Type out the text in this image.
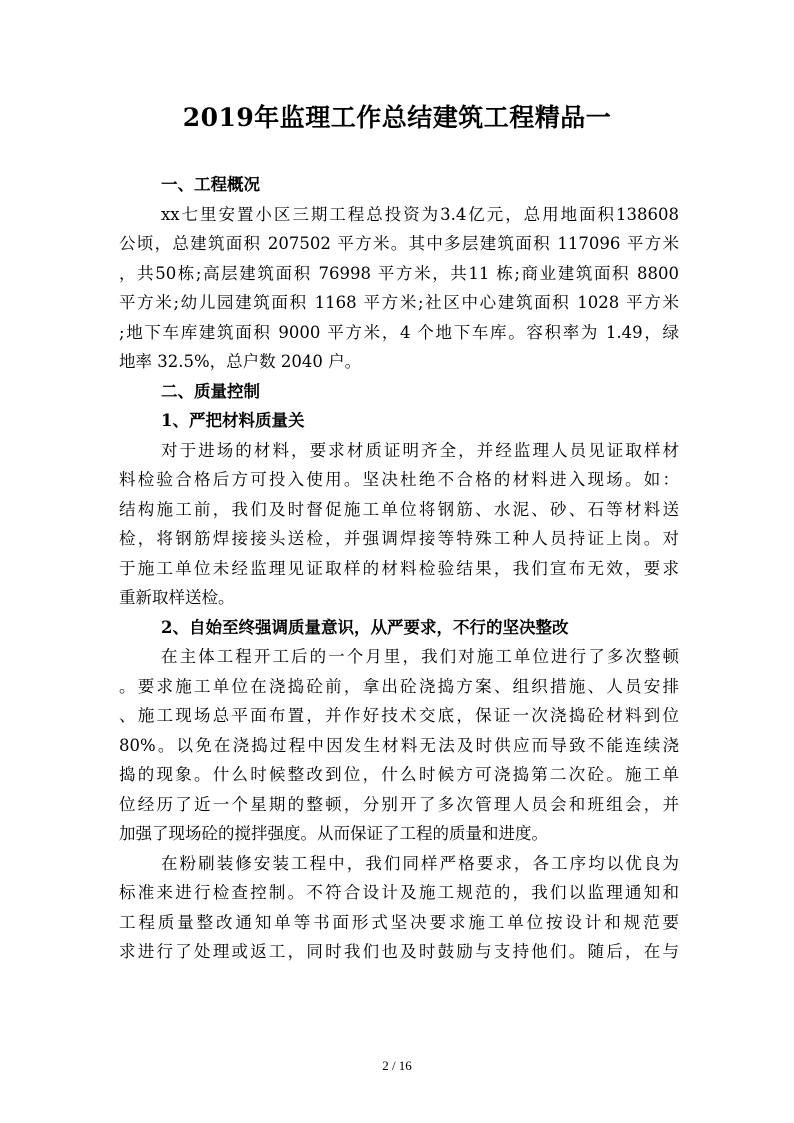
2019年监理工作总结建筑工程精品一
一、工程概况
xx七里安置小区三期工程总投资为3.4亿元，总用地面积138608
公顷，总建筑面积 207502 平方米。其中多层建筑面积 117096 平方米
，共50栋;高层建筑面积 76998 平方米，共11 栋;商业建筑面积 8800
平方米;幼儿园建筑面积 1168 平方米;社区中心建筑面积 1028 平方米
;地下车库建筑面积 9000 平方米，4 个地下车库。容积率为 1.49，绿
地率 32.5%，总户数 2040 户。
二、质量控制
1、严把材料质量关
对于进场的材料，要求材质证明齐全，并经监理人员见证取样材
料检验合格后方可投入使用。坚决杜绝不合格的材料进入现场。如：
结构施工前，我们及时督促施工单位将钢筋、水泥、砂、石等材料送
检，将钢筋焊接接头送检，并强调焊接等特殊工种人员持证上岗。对
于施工单位未经监理见证取样的材料检验结果，我们宣布无效，要求
重新取样送检。
2、自始至终强调质量意识，从严要求，不行的坚决整改
在主体工程开工后的一个月里，我们对施工单位进行了多次整顿
。要求施工单位在浇捣砼前，拿出砼浇捣方案、组织措施、人员安排
、施工现场总平面布置，并作好技术交底，保证一次浇捣砼材料到位
80%。以免在浇捣过程中因发生材料无法及时供应而导致不能连续浇
捣的现象。什么时候整改到位，什么时候方可浇捣第二次砼。施工单
位经历了近一个星期的整顿，分别开了多次管理人员会和班组会，并
加强了现场砼的搅拌强度。从而保证了工程的质量和进度。
在粉刷装修安装工程中，我们同样严格要求，各工序均以优良为
标准来进行检查控制。不符合设计及施工规范的，我们以监理通知和
工程质量整改通知单等书面形式坚决要求施工单位按设计和规范要
求进行了处理或返工，同时我们也及时鼓励与支持他们。随后，在与
2 / 16
